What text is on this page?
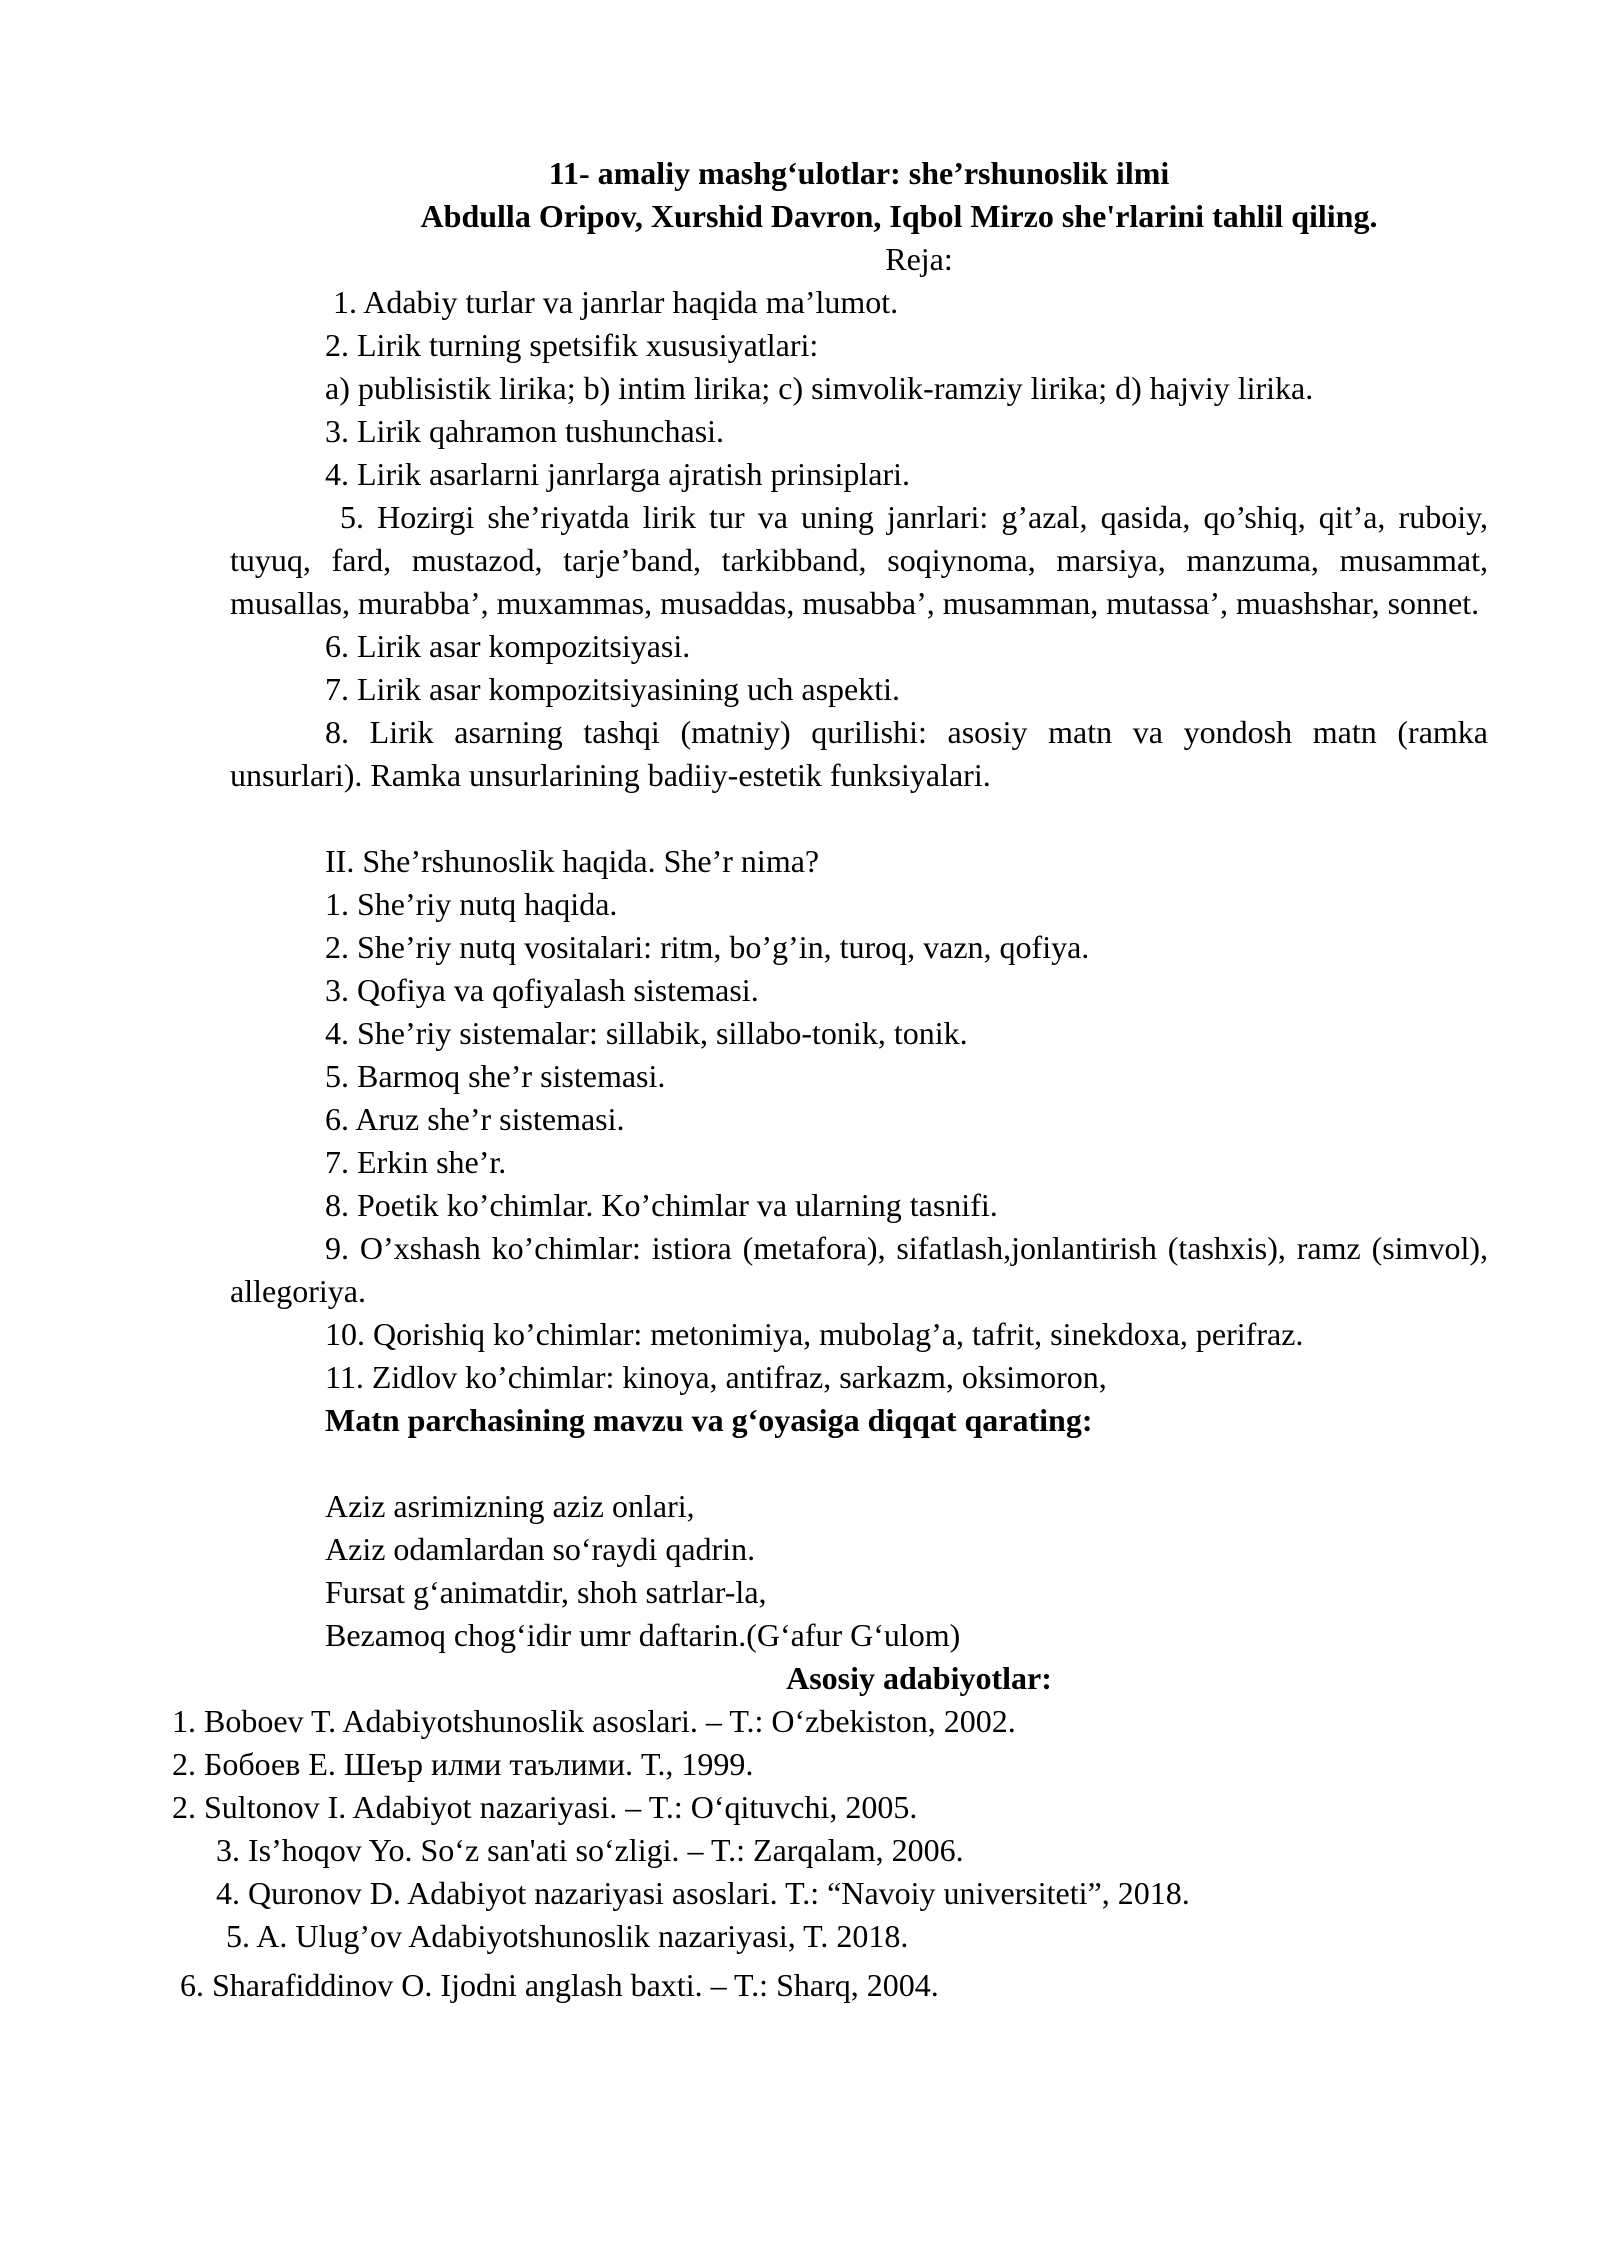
11- amaliy mashg‘ulotlar: she’rshunoslik ilmi
Abdulla Oripov, Xurshid Davron, Iqbol Mirzo she'rlarini tahlil qiling.
Reja:
1. Adabiy turlar va janrlar haqida ma’lumot.
2. Lirik turning spetsifik xususiyatlari:
a) publisistik lirika; b) intim lirika; c) simvolik-ramziy lirika; d) hajviy lirika.
3. Lirik qahramon tushunchasi.
4. Lirik asarlarni janrlarga ajratish prinsiplari.
5. Hozirgi she’riyatda lirik tur va uning janrlari: g’azal, qasida, qo’shiq, qit’a, ruboiy, tuyuq, fard, mustazod, tarje’band, tarkibband, soqiynoma, marsiya, manzuma, musammat, musallas, murabba’, muxammas, musaddas, musabba’, musamman, mutassa’, muashshar, sonnet.
6. Lirik asar kompozitsiyasi.
7. Lirik asar kompozitsiyasining uch aspekti.
8. Lirik asarning tashqi (matniy) qurilishi: asosiy matn va yondosh matn (ramka unsurlari). Ramka unsurlarining badiiy-estetik funksiyalari.
II. She’rshunoslik haqida. She’r nima?
1. She’riy nutq haqida.
2. She’riy nutq vositalari: ritm, bo’g’in, turoq, vazn, qofiya.
3. Qofiya va qofiyalash sistemasi.
4. She’riy sistemalar: sillabik, sillabo-tonik, tonik.
5. Barmoq she’r sistemasi.
6. Aruz she’r sistemasi.
7. Erkin she’r.
8. Poetik ko’chimlar. Ko’chimlar va ularning tasnifi.
9. O’xshash ko’chimlar: istiora (metafora), sifatlash,jonlantirish (tashxis), ramz (simvol), allegoriya.
10. Qorishiq ko’chimlar: metonimiya, mubolag’a, tafrit, sinekdoxa, perifraz.
11. Zidlov ko’chimlar: kinoya, antifraz, sarkazm, oksimoron,
Matn parchasining mavzu va g‘oyasiga diqqat qarating:
Aziz asrimizning aziz onlari,
Aziz odamlardan so‘raydi qadrin.
Fursat g‘animatdir, shoh satrlar-la,
Bezamoq chog‘idir umr daftarin.(G‘afur G‘ulom)
Asosiy adabiyotlar:
1. Boboev T. Adabiyotshunoslik asoslari. – T.: O‘zbekiston, 2002.
2. Бобоев Е. Шеър илми таълими. Т., 1999.
2. Sultonov I. Adabiyot nazariyasi. – T.: O‘qituvchi, 2005.
3. Is’hoqov Yo. So‘z san'ati so‘zligi. – T.: Zarqalam, 2006.
4. Quronov D. Adabiyot nazariyasi asoslari. T.: “Navoiy universiteti”, 2018.
5. A. Ulug’ov Adabiyotshunoslik nazariyasi, T. 2018.
6. Sharafiddinov O. Ijodni anglash baxti. – T.: Sharq, 2004.
